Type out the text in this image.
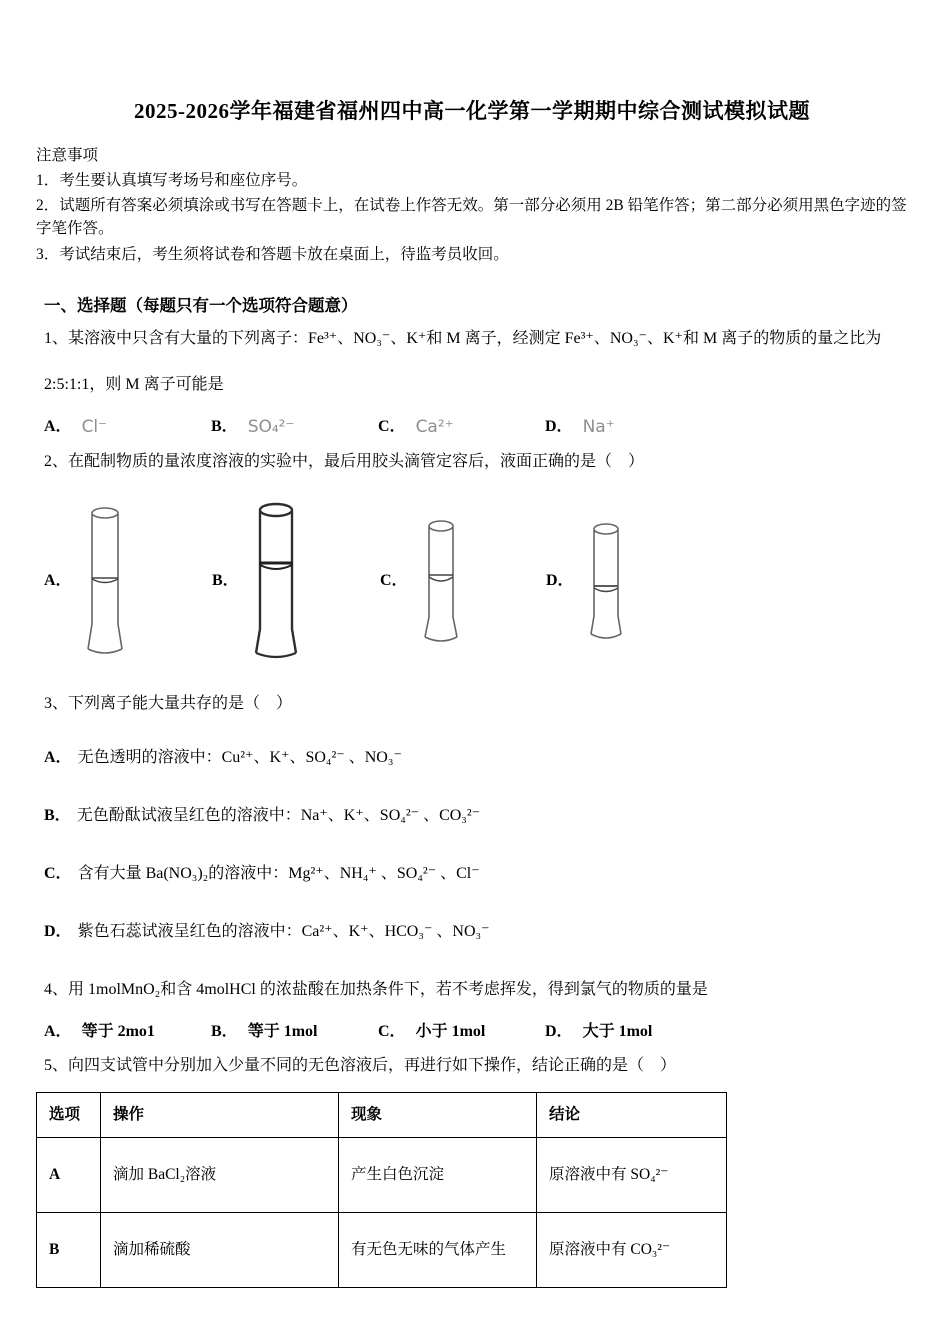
2025-2026学年福建省福州四中高一化学第一学期期中综合测试模拟试题

注意事项

1．考生要认真填写考场号和座位序号。

2．试题所有答案必须填涂或书写在答题卡上，在试卷上作答无效。第一部分必须用 2B 铅笔作答；第二部分必须用黑色字迹的签字笔作答。

3．考试结束后，考生须将试卷和答题卡放在桌面上，待监考员收回。

一、选择题（每题只有一个选项符合题意）

1、某溶液中只含有大量的下列离子：Fe³⁺、NO₃⁻、K⁺和 M 离子，经测定 Fe³⁺、NO₃⁻、K⁺和 M 离子的物质的量之比为

2:5:1:1，则 M 离子可能是

A． Cl⁻	B． SO₄²⁻	C． Ca²⁺	D． Na⁺

2、在配制物质的量浓度溶液的实验中，最后用胶头滴管定容后，液面正确的是（　）

A．	B．	C．	D．

3、下列离子能大量共存的是（　）

A． 无色透明的溶液中：Cu²⁺、K⁺、SO₄²⁻ 、NO₃⁻

B． 无色酚酞试液呈红色的溶液中：Na⁺、K⁺、SO₄²⁻ 、CO₃²⁻

C． 含有大量 Ba(NO₃)₂的溶液中：Mg²⁺、NH₄⁺ 、SO₄²⁻ 、Cl⁻

D． 紫色石蕊试液呈红色的溶液中：Ca²⁺、K⁺、HCO₃⁻ 、NO₃⁻

4、用 1molMnO₂和含 4molHCl 的浓盐酸在加热条件下，若不考虑挥发，得到氯气的物质的量是

A． 等于 2mo1	B． 等于 1mol	C． 小于 1mol	D． 大于 1mol

5、向四支试管中分别加入少量不同的无色溶液后，再进行如下操作，结论正确的是（　）

选项	操作	现象	结论
A	滴加 BaCl₂溶液	产生白色沉淀	原溶液中有 SO₄²⁻
B	滴加稀硫酸	有无色无味的气体产生	原溶液中有 CO₃²⁻
